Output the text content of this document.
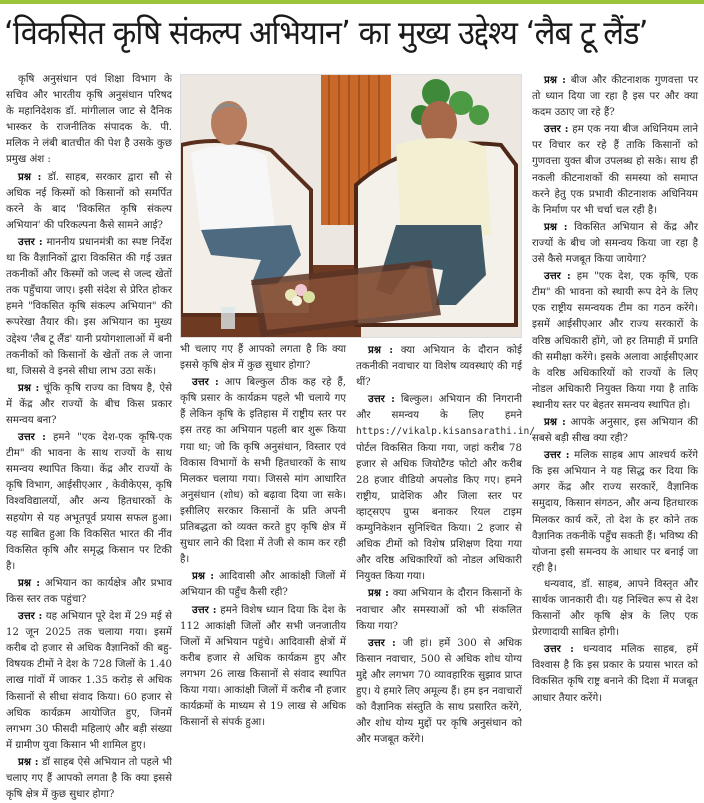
‘विकसित कृषि संकल्प अभियान’ का मुख्य उद्देश्य ‘लैब टू लैंड’

कृषि अनुसंधान एवं शिक्षा विभाग के सचिव और भारतीय कृषि अनुसंधान परिषद के महानिदेशक डॉ. मांगीलाल जाट से दैनिक भास्कर के राजनीतिक संपादक के. पी. मलिक ने लंबी बातचीत की पेश है उसके कुछ प्रमुख अंश :

प्रश्न : डॉ. साहब, सरकार द्वारा सौ से अधिक नई किस्मों को किसानों को समर्पित करने के बाद 'विकसित कृषि संकल्प अभियान' की परिकल्पना कैसे सामने आई?

उत्तर : माननीय प्रधानमंत्री का स्पष्ट निर्देश था कि वैज्ञानिकों द्वारा विकसित की गई उन्नत तकनीकों और किस्मों को जल्द से जल्द खेतों तक पहुँचाया जाए। इसी संदेश से प्रेरित होकर हमने "विकसित कृषि संकल्प अभियान" की रूपरेखा तैयार की। इस अभियान का मुख्य उद्देश्य 'लैब टू लैंड' यानी प्रयोगशालाओं में बनी तकनीकों को किसानों के खेतों तक ले जाना था, जिससे वे इनसे सीधा लाभ उठा सकें।

प्रश्न : चूंकि कृषि राज्य का विषय है, ऐसे में केंद्र और राज्यों के बीच किस प्रकार समन्वय बना?

उत्तर : हमने "एक देश-एक कृषि-एक टीम" की भावना के साथ राज्यों के साथ समन्वय स्थापित किया। केंद्र और राज्यों के कृषि विभाग, आईसीएआर , केवीकेएस, कृषि विश्वविद्यालयों, और अन्य हितधारकों के सहयोग से यह अभूतपूर्व प्रयास सफल हुआ। यह साबित हुआ कि विकसित भारत की नींव विकसित कृषि और समृद्ध किसान पर टिकी है।

प्रश्न : अभियान का कार्यक्षेत्र और प्रभाव किस स्तर तक पहुंचा?

उत्तर : यह अभियान पूरे देश में 29 मई से 12 जून 2025 तक चलाया गया। इसमें करीब दो हजार से अधिक वैज्ञानिकों की बहु-विषयक टीमों ने देश के 728 जिलों के 1.40 लाख गांवों में जाकर 1.35 करोड़ से अधिक किसानों से सीधा संवाद किया। 60 हजार से अधिक कार्यक्रम आयोजित हुए, जिनमें लगभग 30 फीसदी महिलाएं और बड़ी संख्या में ग्रामीण युवा किसान भी शामिल हुए।

प्रश्न : डॉ साहब ऐसे अभियान तो पहले भी चलाए गए हैं आपको लगता है कि क्या इससे कृषि क्षेत्र में कुछ सुधार होगा?

भी चलाए गए हैं आपको लगता है कि क्या इससे कृषि क्षेत्र में कुछ सुधार होगा?

उत्तर : आप बिल्कुल ठीक कह रहे हैं, कृषि प्रसार के कार्यक्रम पहले भी चलाये गए हैं लेकिन कृषि के इतिहास में राष्ट्रीय स्तर पर इस तरह का अभियान पहली बार शुरू किया गया था; जो कि कृषि अनुसंधान, विस्तार एवं विकास विभागों के सभी हितधारकों के साथ मिलकर चलाया गया। जिससे मांग आधारित अनुसंधान (शोध) को बढ़ावा दिया जा सके। इसीलिए सरकार किसानों के प्रति अपनी प्रतिबद्धता को व्यक्त करते हुए कृषि क्षेत्र में सुधार लाने की दिशा में तेजी से काम कर रही है।

प्रश्न : आदिवासी और आकांक्षी जिलों में अभियान की पहुँच कैसी रही?

उत्तर : हमने विशेष ध्यान दिया कि देश के 112 आकांक्षी जिलों और सभी जनजातीय जिलों में अभियान पहुंचे। आदिवासी क्षेत्रों में करीब हजार से अधिक कार्यक्रम हुए और लगभग 26 लाख किसानों से संवाद स्थापित किया गया। आकांक्षी जिलों में करीब नौ हजार कार्यक्रमों के माध्यम से 19 लाख से अधिक किसानों से संपर्क हुआ।

प्रश्न : क्या अभियान के दौरान कोई तकनीकी नवाचार या विशेष व्यवस्थाएं की गई थीं?

उत्तर : बिल्कुल। अभियान की निगरानी और समन्वय के लिए हमने https://vikalp.kisansarathi.in/ पोर्टल विकसित किया गया, जहां करीब 78 हजार से अधिक जियोटैग्ड फोटो और करीब 28 हजार वीडियो अपलोड किए गए। हमने राष्ट्रीय, प्रादेशिक और जिला स्तर पर व्हाट्सएप ग्रुप्स बनाकर रियल टाइम कम्युनिकेशन सुनिश्चित किया। 2 हजार से अधिक टीमों को विशेष प्रशिक्षण दिया गया और वरिष्ठ अधिकारियों को नोडल अधिकारी नियुक्त किया गया।

प्रश्न : क्या अभियान के दौरान किसानों के नवाचार और समस्याओं को भी संकलित किया गया?

उत्तर : जी हां। हमें 300 से अधिक किसान नवाचार, 500 से अधिक शोध योग्य मुद्दे और लगभग 70 व्यावहारिक सुझाव प्राप्त हुए। ये हमारे लिए अमूल्य हैं। हम इन नवाचारों को वैज्ञानिक संस्तुति के साथ प्रसारित करेंगे, और शोध योग्य मुद्दों पर कृषि अनुसंधान को और मजबूत करेंगे।

प्रश्न : बीज और कीटनाशक गुणवत्ता पर तो ध्यान दिया जा रहा है इस पर और क्या कदम उठाए जा रहे हैं?

उत्तर : हम एक नया बीज अधिनियम लाने पर विचार कर रहे हैं ताकि किसानों को गुणवत्ता युक्त बीज उपलब्ध हो सके। साथ ही नकली कीटनाशकों की समस्या को समाप्त करने हेतु एक प्रभावी कीटनाशक अधिनियम के निर्माण पर भी चर्चा चल रही है।

प्रश्न : विकसित अभियान से केंद्र और राज्यों के बीच जो समन्वय किया जा रहा है उसे कैसे मजबूत किया जायेगा?

उत्तर : हम "एक देश, एक कृषि, एक टीम" की भावना को स्थायी रूप देने के लिए एक राष्ट्रीय समन्वयक टीम का गठन करेंगे। इसमें आईसीएआर और राज्य सरकारों के वरिष्ठ अधिकारी होंगे, जो हर तिमाही में प्रगति की समीक्षा करेंगे। इसके अलावा आईसीएआर के वरिष्ठ अधिकारियों को राज्यों के लिए नोडल अधिकारी नियुक्त किया गया है ताकि स्थानीय स्तर पर बेहतर समन्वय स्थापित हो।

प्रश्न : आपके अनुसार, इस अभियान की सबसे बड़ी सीख क्या रही?

उत्तर : मलिक साहब आप आश्चर्य करेंगे कि इस अभियान ने यह सिद्ध कर दिया कि अगर केंद्र और राज्य सरकारें, वैज्ञानिक समुदाय, किसान संगठन, और अन्य हितधारक मिलकर कार्य करें, तो देश के हर कोने तक वैज्ञानिक तकनीकें पहुँच सकती हैं। भविष्य की योजना इसी समन्वय के आधार पर बनाई जा रही है।

धन्यवाद, डॉ. साहब, आपने विस्तृत और सार्थक जानकारी दी। यह निश्चित रूप से देश किसानों और कृषि क्षेत्र के लिए एक प्रेरणादायी साबित होगी।

उत्तर : धन्यवाद मलिक साहब, हमें विश्वास है कि इस प्रकार के प्रयास भारत को विकसित कृषि राष्ट्र बनाने की दिशा में मजबूत आधार तैयार करेंगे।
